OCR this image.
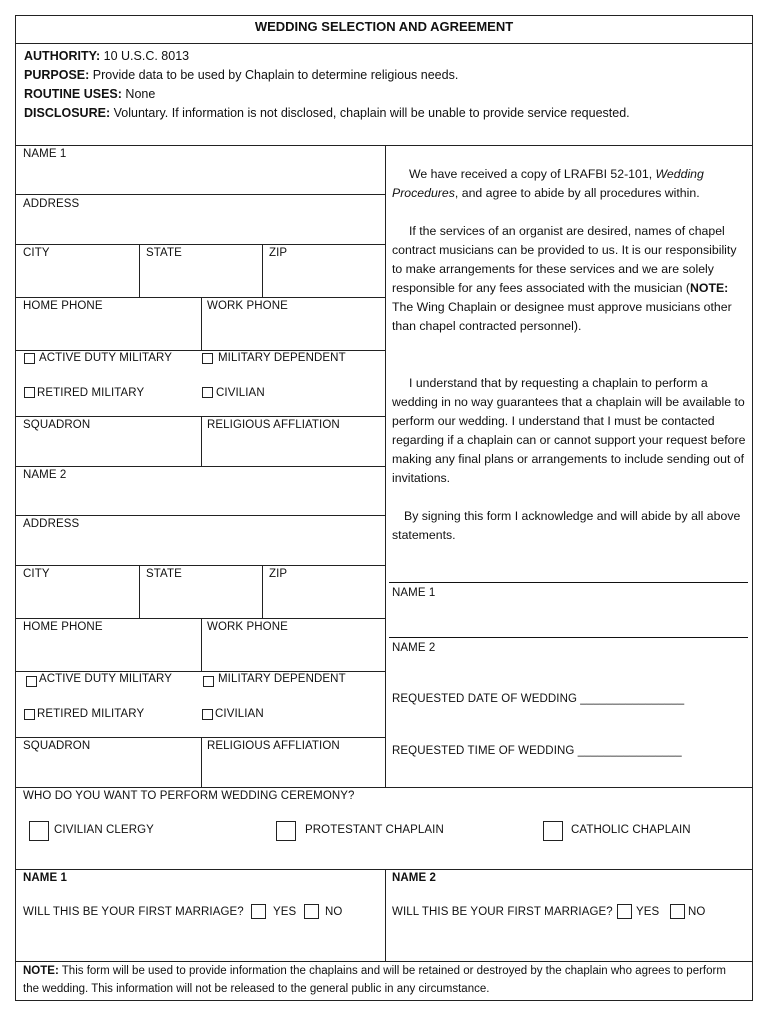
WEDDING SELECTION AND AGREEMENT
AUTHORITY: 10 U.S.C. 8013
PURPOSE: Provide data to be used by Chaplain to determine religious needs.
ROUTINE USES: None
DISCLOSURE: Voluntary. If information is not disclosed, chaplain will be unable to provide service requested.
NAME 1
ADDRESS
CITY	STATE	ZIP
HOME PHONE	WORK PHONE
ACTIVE DUTY MILITARY	MILITARY DEPENDENT
RETIRED MILITARY	CIVILIAN
SQUADRON	RELIGIOUS AFFLIATION
NAME 2
ADDRESS
CITY	STATE	ZIP
HOME PHONE	WORK PHONE
ACTIVE DUTY MILITARY	MILITARY DEPENDENT
RETIRED MILITARY	CIVILIAN
SQUADRON	RELIGIOUS AFFLIATION
We have received a copy of LRAFBI 52-101, Wedding Procedures, and agree to abide by all procedures within.
If the services of an organist are desired, names of chapel contract musicians can be provided to us. It is our responsibility to make arrangements for these services and we are solely responsible for any fees associated with the musician (NOTE: The Wing Chaplain or designee must approve musicians other than chapel contracted personnel).
I understand that by requesting a chaplain to perform a wedding in no way guarantees that a chaplain will be available to perform our wedding. I understand that I must be contacted regarding if a chaplain can or cannot support your request before making any final plans or arrangements to include sending out of invitations.
By signing this form I acknowledge and will abide by all above statements.
NAME 1
NAME 2
REQUESTED DATE OF WEDDING ________________
REQUESTED TIME OF WEDDING ________________
WHO DO YOU WANT TO PERFORM WEDDING CEREMONY?
CIVILIAN CLERGY	PROTESTANT CHAPLAIN	CATHOLIC CHAPLAIN
NAME 1
WILL THIS BE YOUR FIRST MARRIAGE?	YES NO
NAME 2
WILL THIS BE YOUR FIRST MARRIAGE? YES NO
NOTE: This form will be used to provide information the chaplains and will be retained or destroyed by the chaplain who agrees to perform the wedding. This information will not be released to the general public in any circumstance.
